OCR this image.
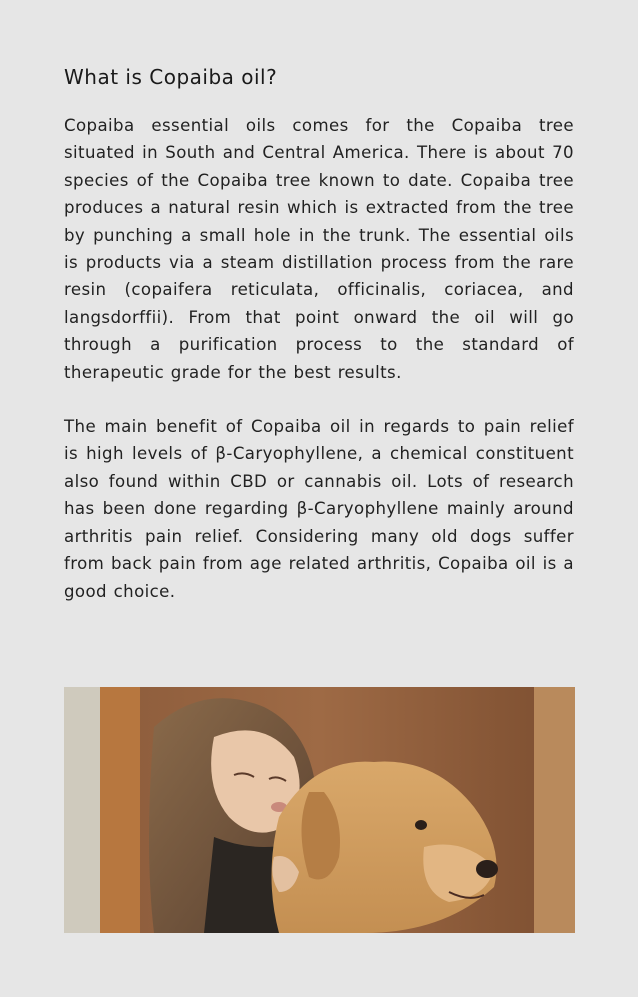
What is Copaiba oil?

Copaiba essential oils comes for the Copaiba tree situated in South and Central America. There is about 70 species of the Copaiba tree known to date. Copaiba tree produces a natural resin which is extracted from the tree by punching a small hole in the trunk. The essential oils is products via a steam distillation process from the rare resin (copaifera reticulata, officinalis, coriacea, and langsdorffii). From that point onward the oil will go through a purification process to the standard of therapeutic grade for the best results.

The main benefit of Copaiba oil in regards to pain relief is high levels of β-Caryophyllene, a chemical constituent also found within CBD or cannabis oil. Lots of research has been done regarding β-Caryophyllene mainly around arthritis pain relief. Considering many old dogs suffer from back pain from age related arthritis, Copaiba oil is a good choice.
